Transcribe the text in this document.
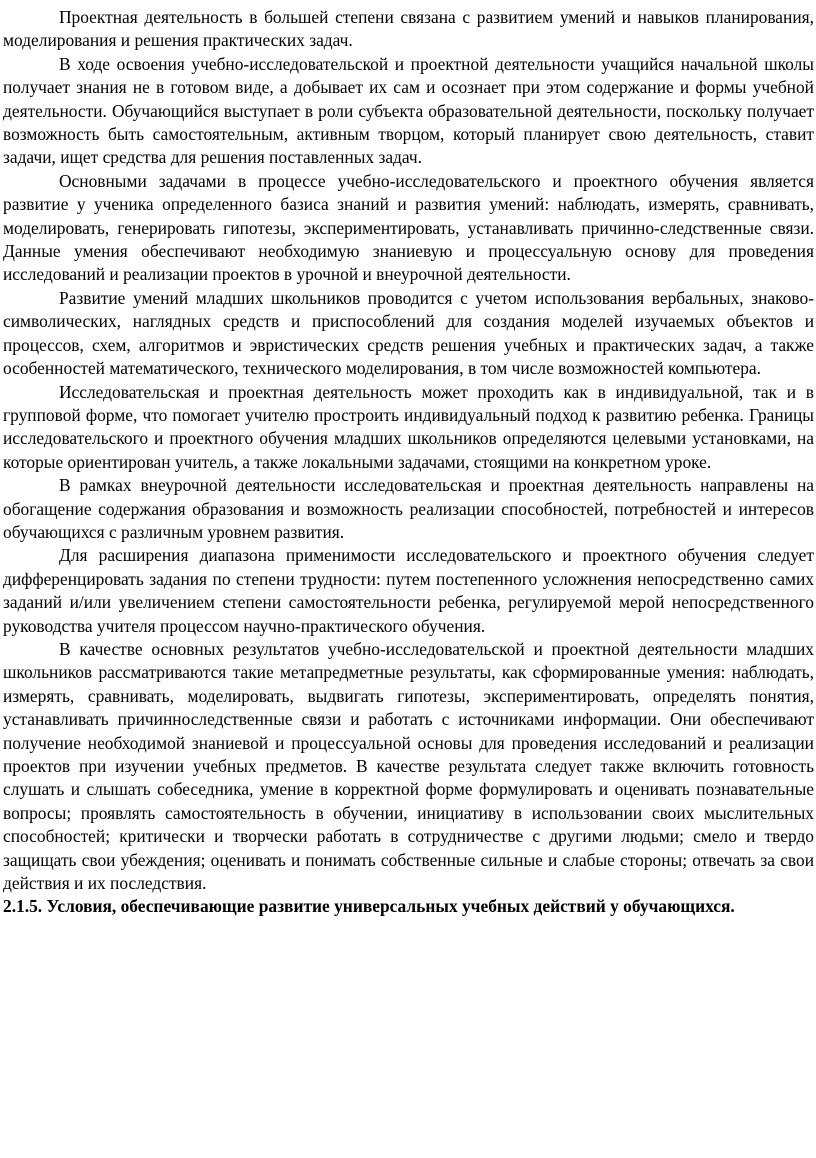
Проектная деятельность в большей степени связана с развитием умений и навыков планирования, моделирования и решения практических задач.

В ходе освоения учебно-исследовательской и проектной деятельности учащийся начальной школы получает знания не в готовом виде, а добывает их сам и осознает при этом содержание и формы учебной деятельности. Обучающийся выступает в роли субъекта образовательной деятельности, поскольку получает возможность быть самостоятельным, активным творцом, который планирует свою деятельность, ставит задачи, ищет средства для решения поставленных задач.

Основными задачами в процессе учебно-исследовательского и проектного обучения является развитие у ученика определенного базиса знаний и развития умений: наблюдать, измерять, сравнивать, моделировать, генерировать гипотезы, экспериментировать, устанавливать причинно-следственные связи. Данные умения обеспечивают необходимую знаниевую и процессуальную основу для проведения исследований и реализации проектов в урочной и внеурочной деятельности.

Развитие умений младших школьников проводится с учетом использования вербальных, знаково-символических, наглядных средств и приспособлений для создания моделей изучаемых объектов и процессов, схем, алгоритмов и эвристических средств решения учебных и практических задач, а также особенностей математического, технического моделирования, в том числе возможностей компьютера.

Исследовательская и проектная деятельность может проходить как в индивидуальной, так и в групповой форме, что помогает учителю простроить индивидуальный подход к развитию ребенка. Границы исследовательского и проектного обучения младших школьников определяются целевыми установками, на которые ориентирован учитель, а также локальными задачами, стоящими на конкретном уроке.

В рамках внеурочной деятельности исследовательская и проектная деятельность направлены на обогащение содержания образования и возможность реализации способностей, потребностей и интересов обучающихся с различным уровнем развития.

Для расширения диапазона применимости исследовательского и проектного обучения следует дифференцировать задания по степени трудности: путем постепенного усложнения непосредственно самих заданий и/или увеличением степени самостоятельности ребенка, регулируемой мерой непосредственного руководства учителя процессом научно-практического обучения.

В качестве основных результатов учебно-исследовательской и проектной деятельности младших школьников рассматриваются такие метапредметные результаты, как сформированные умения: наблюдать, измерять, сравнивать, моделировать, выдвигать гипотезы, экспериментировать, определять понятия, устанавливать причинноследственные связи и работать с источниками информации. Они обеспечивают получение необходимой знаниевой и процессуальной основы для проведения исследований и реализации проектов при изучении учебных предметов. В качестве результата следует также включить готовность слушать и слышать собеседника, умение в корректной форме формулировать и оценивать познавательные вопросы; проявлять самостоятельность в обучении, инициативу в использовании своих мыслительных способностей; критически и творчески работать в сотрудничестве с другими людьми; смело и твердо защищать свои убеждения; оценивать и понимать собственные сильные и слабые стороны; отвечать за свои действия и их последствия.

2.1.5. Условия, обеспечивающие развитие универсальных учебных действий у обучающихся.
